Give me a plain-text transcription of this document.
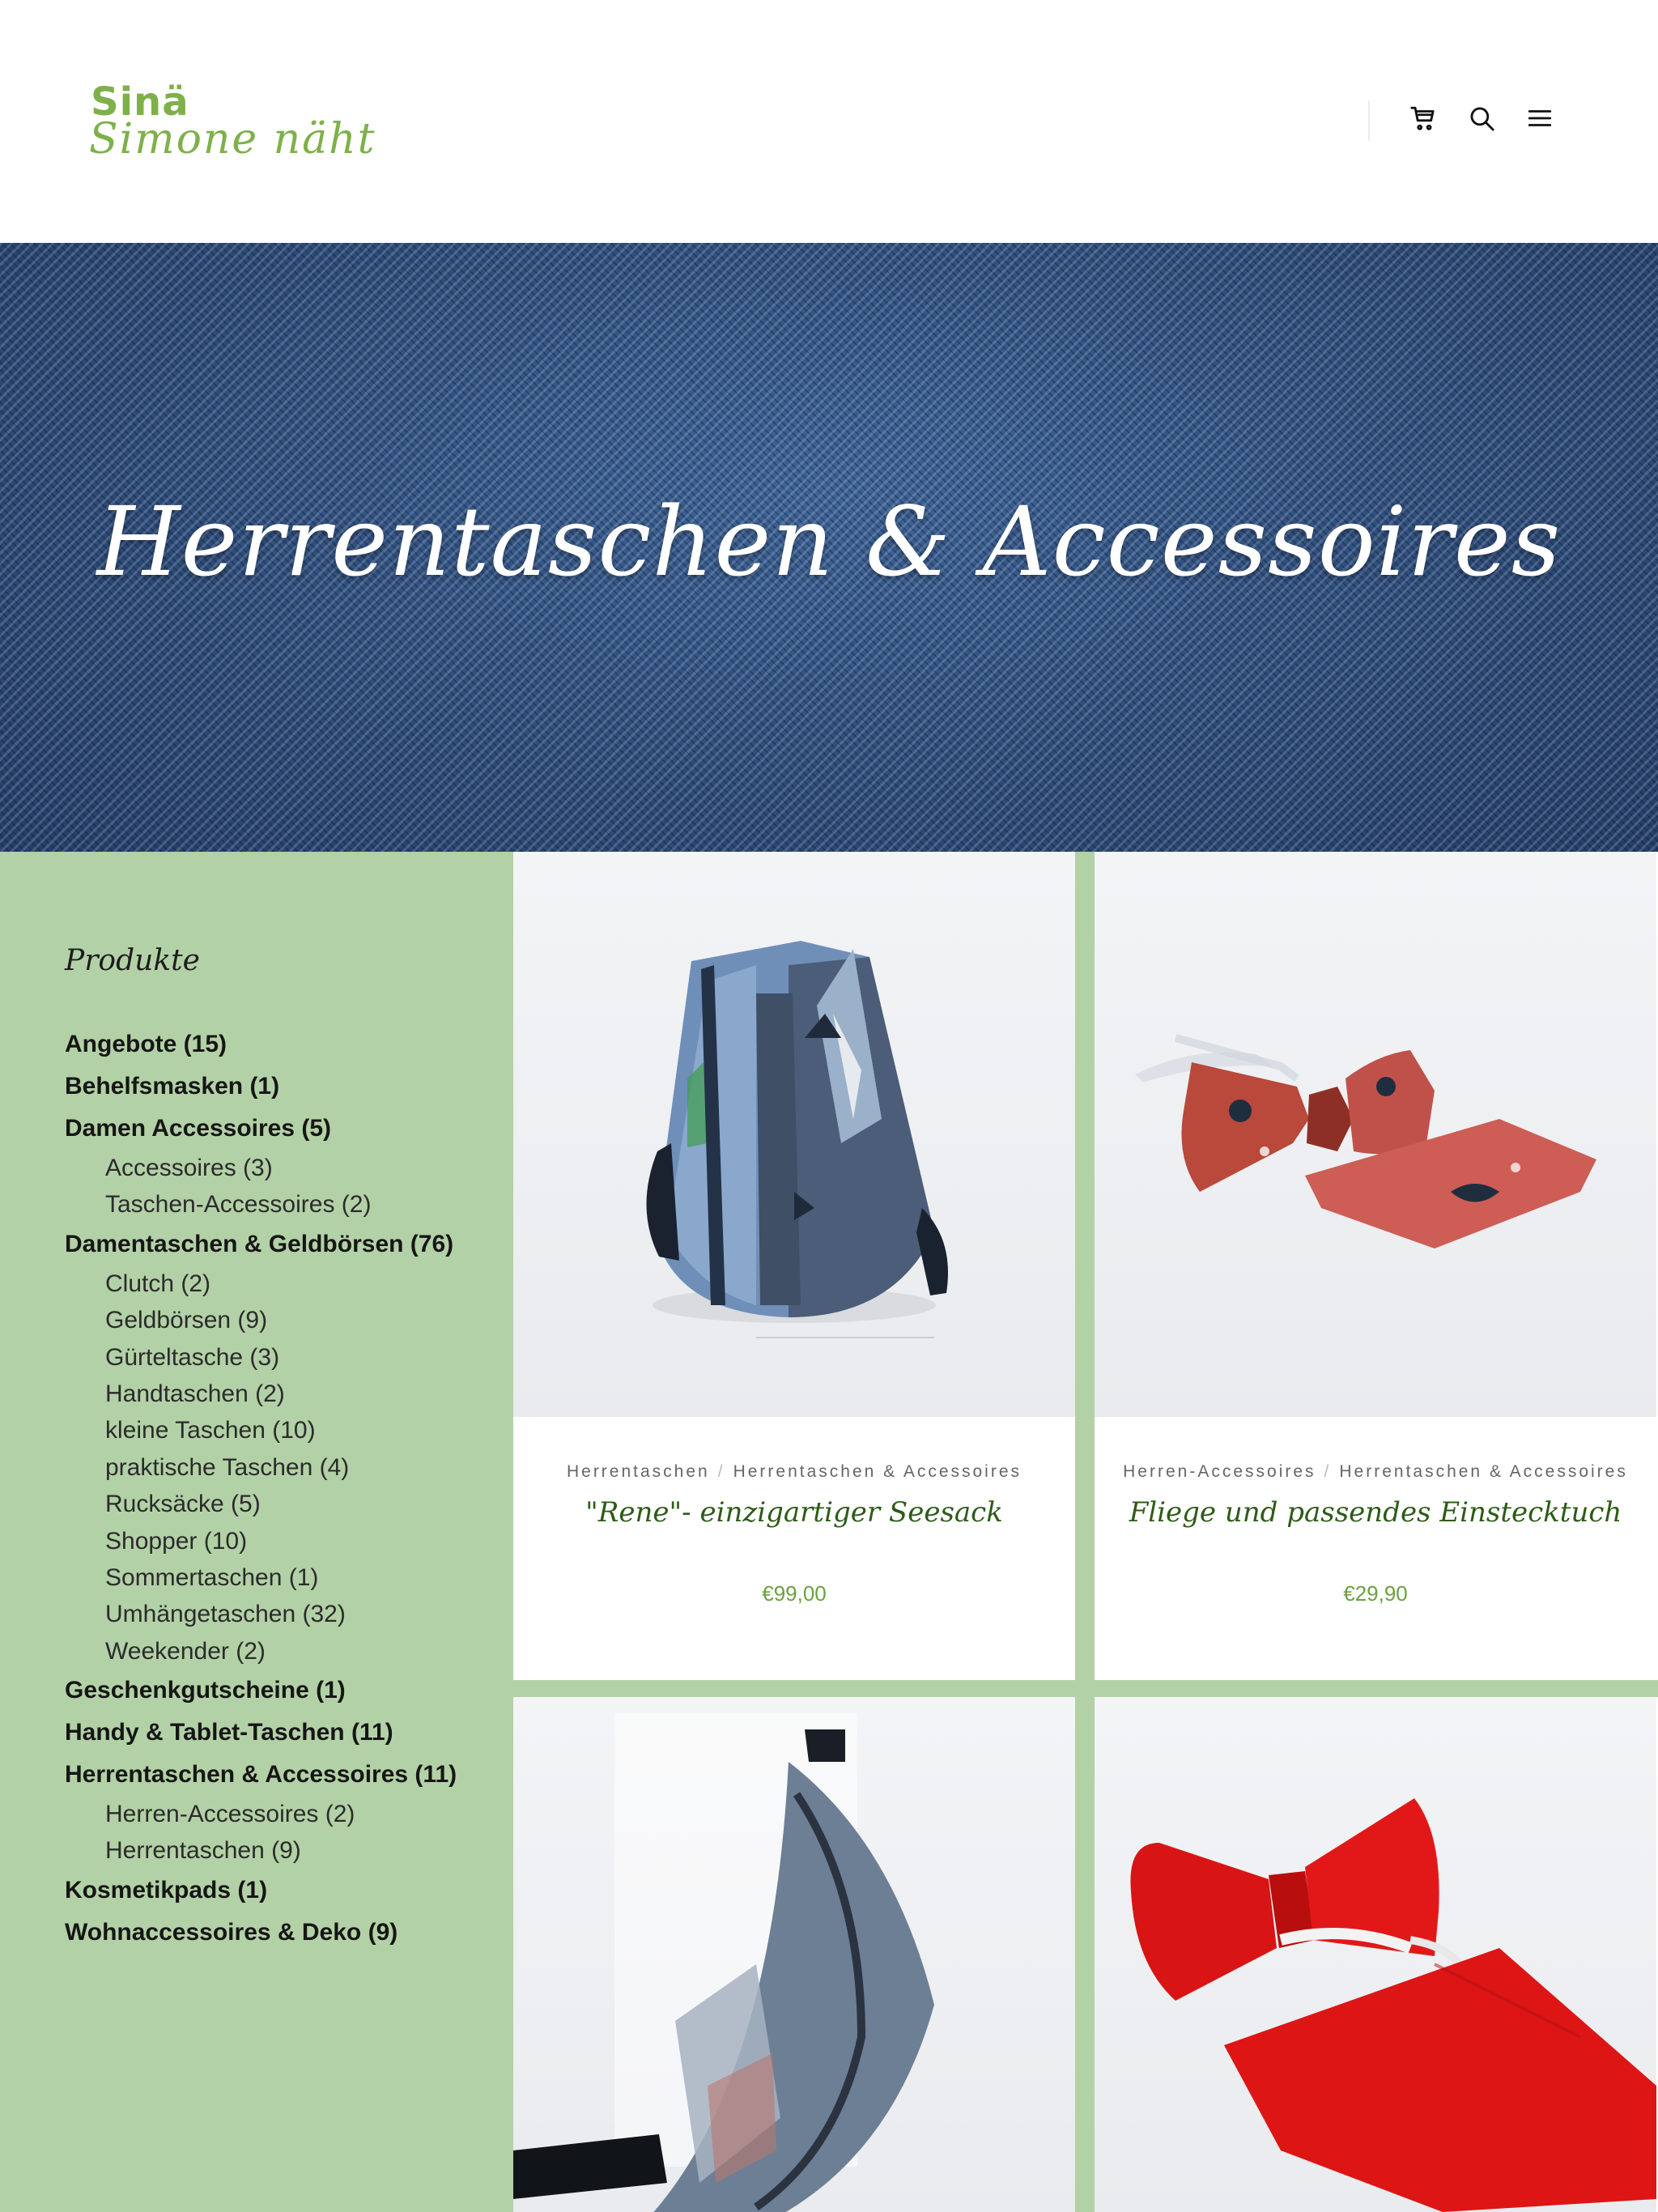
Sinä
Simone näht
Herrentaschen & Accessoires
Produkte
Angebote (15)
Behelfsmasken (1)
Damen Accessoires (5)
Accessoires (3)
Taschen-Accessoires (2)
Damentaschen & Geldbörsen (76)
Clutch (2)
Geldbörsen (9)
Gürteltasche (3)
Handtaschen (2)
kleine Taschen (10)
praktische Taschen (4)
Rucksäcke (5)
Shopper (10)
Sommertaschen (1)
Umhängetaschen (32)
Weekender (2)
Geschenkgutscheine (1)
Handy & Tablet-Taschen (11)
Herrentaschen & Accessoires (11)
Herren-Accessoires (2)
Herrentaschen (9)
Kosmetikpads (1)
Wohnaccessoires & Deko (9)
Herrentaschen / Herrentaschen & Accessoires
"Rene"- einzigartiger Seesack
€99,00
Herren-Accessoires / Herrentaschen & Accessoires
Fliege und passendes Einstecktuch
€29,90
